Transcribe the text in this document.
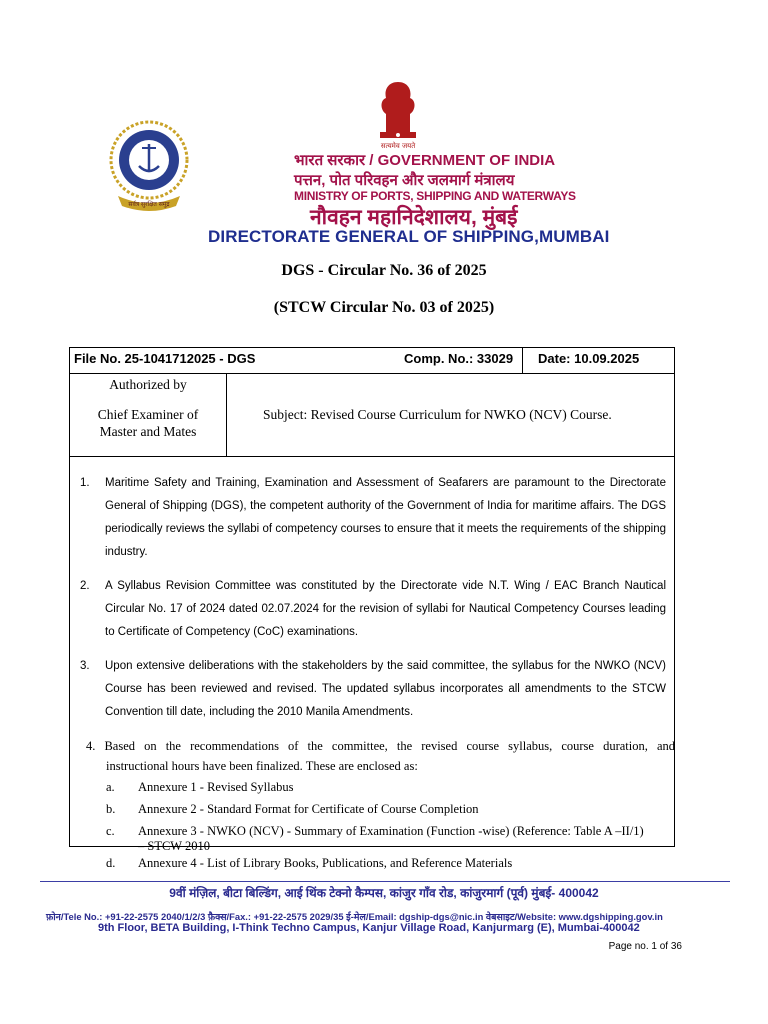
सर्वत्र सुरक्षित समुद्र
सत्यमेव जयते
भारत सरकार / GOVERNMENT OF INDIA
पत्तन, पोत परिवहन और जलमार्ग मंत्रालय
MINISTRY OF PORTS, SHIPPING AND WATERWAYS
नौवहन महानिदेशालय, मुंबई
DIRECTORATE GENERAL OF SHIPPING,MUMBAI
DGS - Circular No. 36 of 2025
(STCW Circular No. 03 of 2025)
File No. 25-1041712025 - DGS	Comp. No.: 33029 Date: 10.09.2025
Authorized by
Chief Examiner of
Master and Mates
Subject: Revised Course Curriculum for NWKO (NCV) Course.
1. Maritime Safety and Training, Examination and Assessment of Seafarers are paramount to the Directorate General of Shipping (DGS), the competent authority of the Government of India for maritime affairs. The DGS periodically reviews the syllabi of competency courses to ensure that it meets the requirements of the shipping industry.
2. A Syllabus Revision Committee was constituted by the Directorate vide N.T. Wing / EAC Branch Nautical Circular No. 17 of 2024 dated 02.07.2024 for the revision of syllabi for Nautical Competency Courses leading to Certificate of Competency (CoC) examinations.
3. Upon extensive deliberations with the stakeholders by the said committee, the syllabus for the NWKO (NCV) Course has been reviewed and revised. The updated syllabus incorporates all amendments to the STCW Convention till date, including the 2010 Manila Amendments.
4. Based on the recommendations of the committee, the revised course syllabus, course duration, and
instructional hours have been finalized. These are enclosed as:
a. Annexure 1 - Revised Syllabus
b. Annexure 2 - Standard Format for Certificate of Course Completion
c. Annexure 3 - NWKO (NCV) - Summary of Examination (Function -wise) (Reference: Table A –II/1)
– STCW 2010
d. Annexure 4 - List of Library Books, Publications, and Reference Materials
9वीं मंज़िल, बीटा बिल्डिंग, आई थिंक टेक्नो कैम्पस, कांजुर गाँव रोड, कांजुरमार्ग (पूर्व) मुंबई- 400042
फ़ोन/Tele No.: +91-22-2575 2040/1/2/3 फ़ैक्स/Fax.: +91-22-2575 2029/35 ई-मेल/Email: dgship-dgs@nic.in वेबसाइट/Website: www.dgshipping.gov.in
9th Floor, BETA Building, I-Think Techno Campus, Kanjur Village Road, Kanjurmarg (E), Mumbai-400042
Page no. 1 of 36
